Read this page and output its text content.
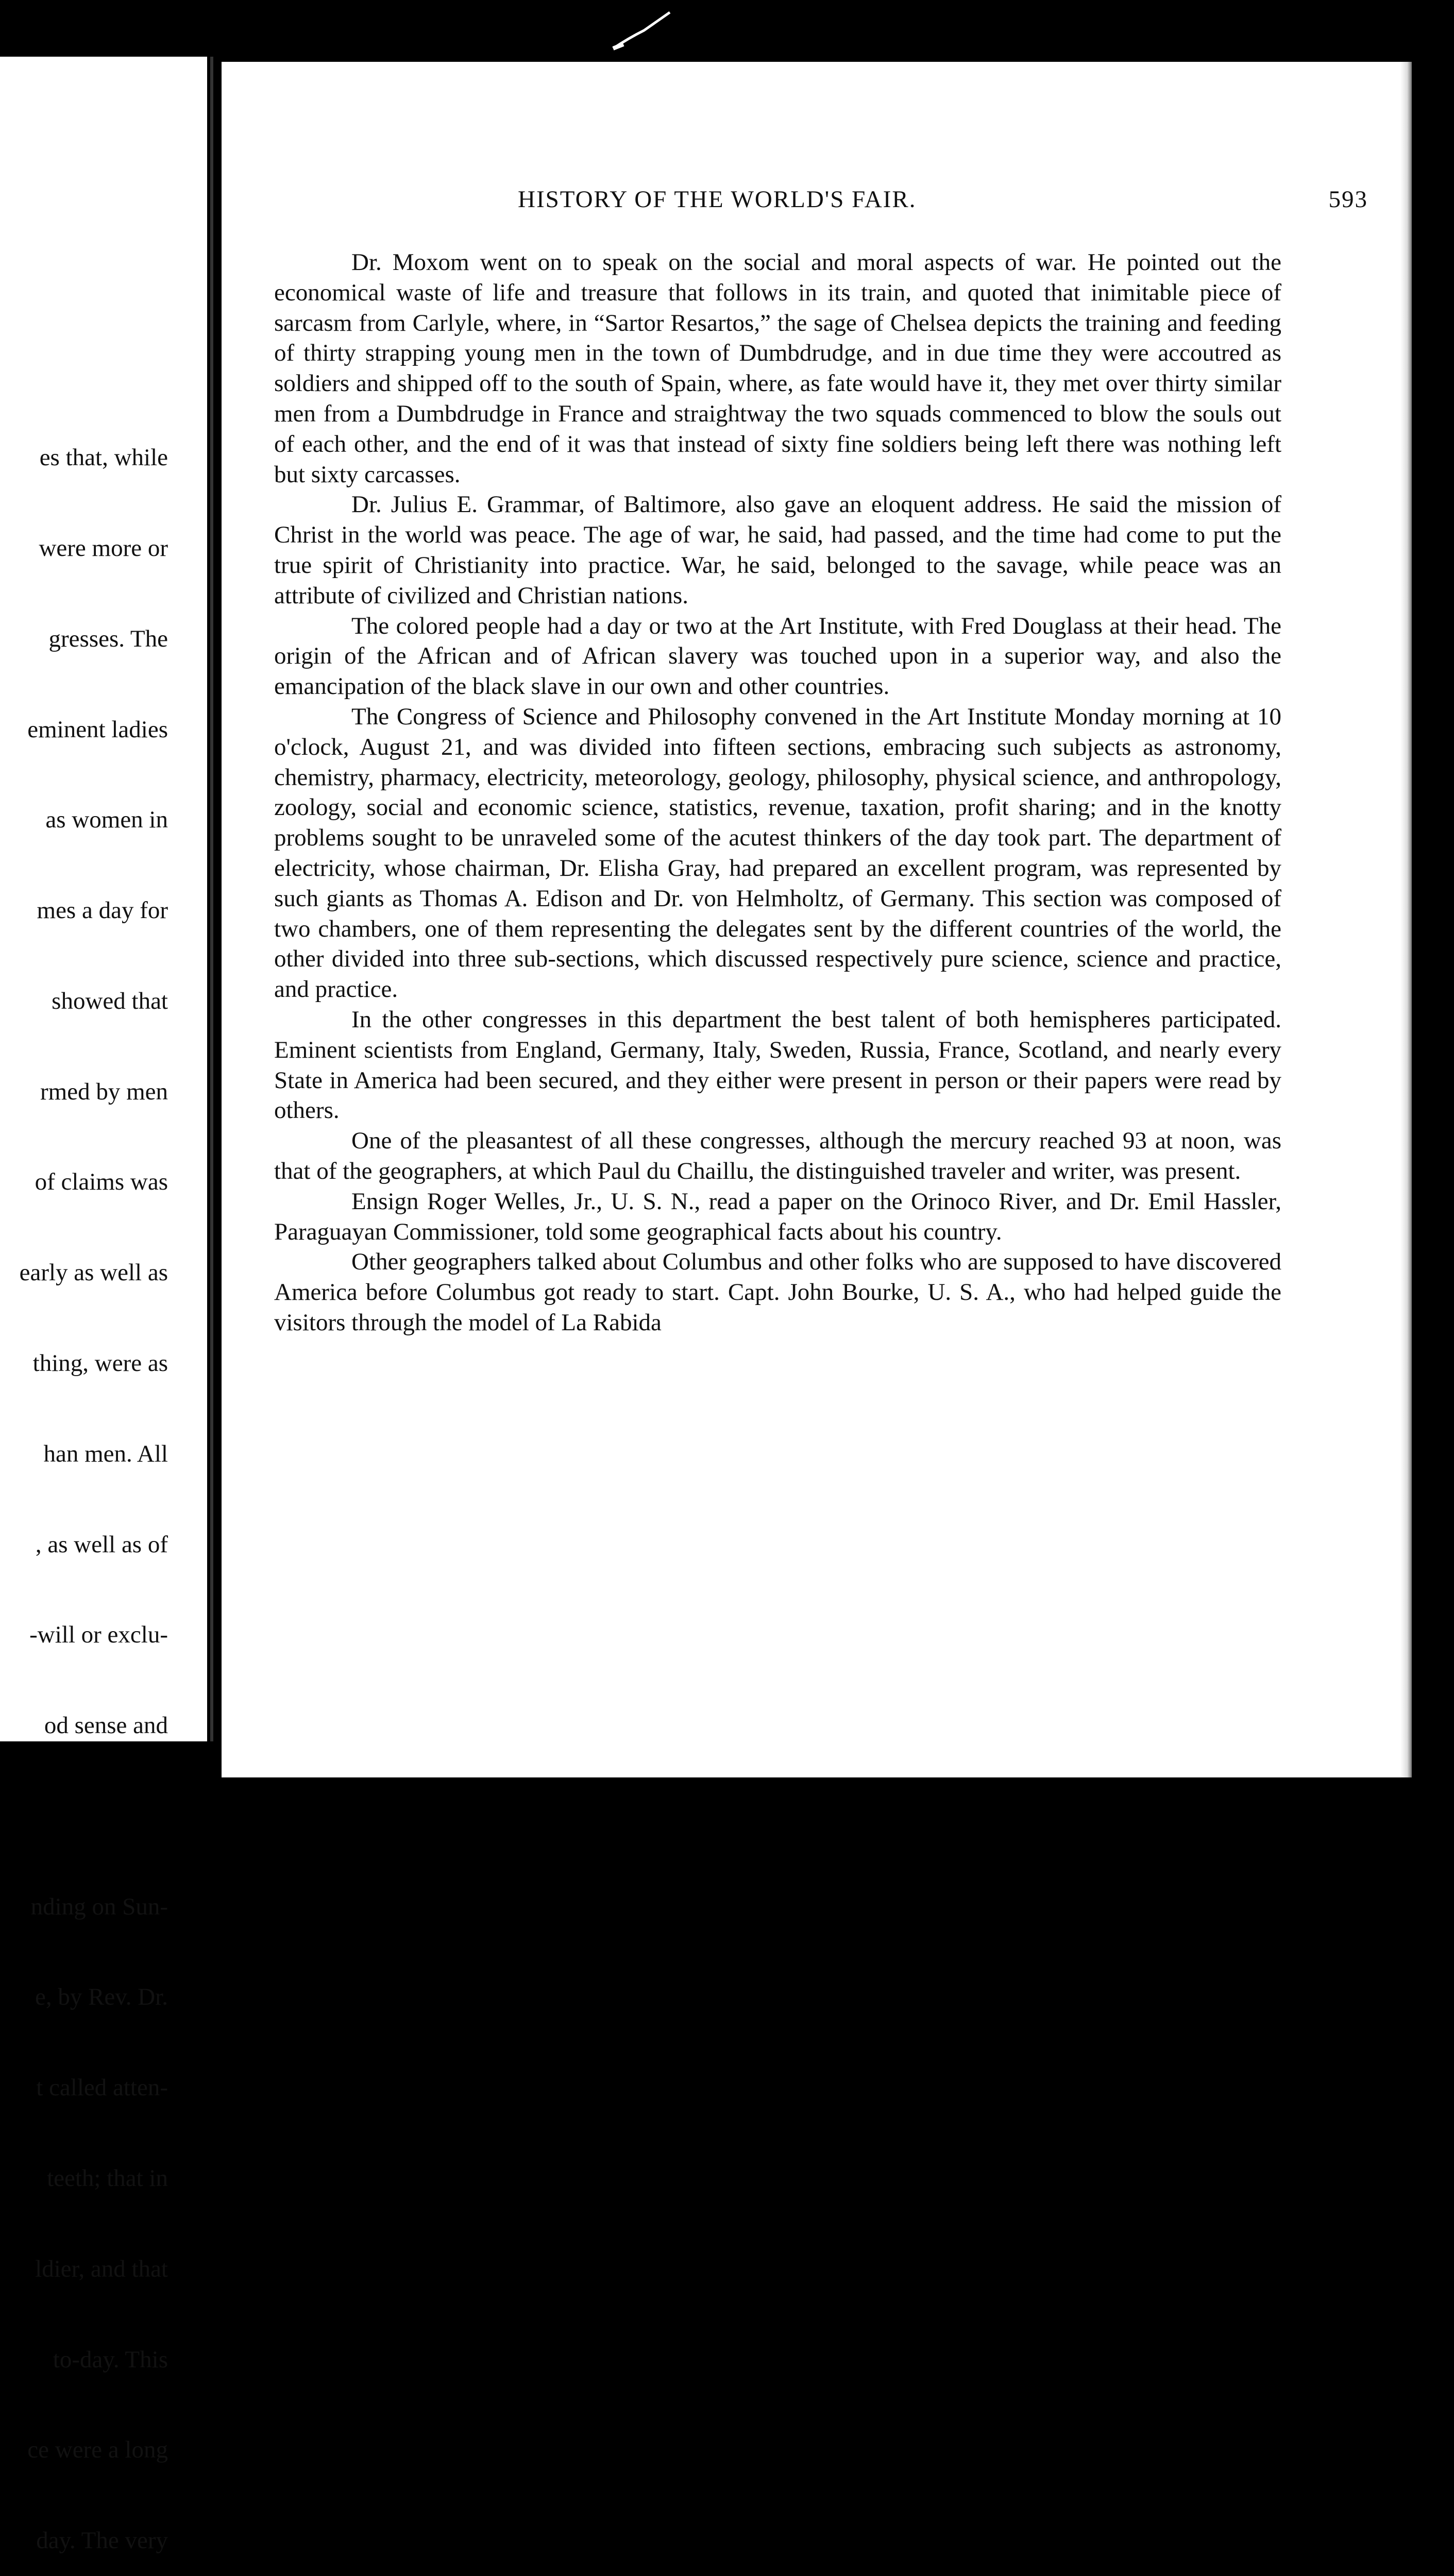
es that, while

were more or

gresses. The

eminent ladies

as women in

mes a day for

showed that

rmed by men

of claims was

early as well as

thing, were as

han men. All

, as well as of

-will or exclu-

od sense and

nding on Sun-

e, by Rev. Dr.

t called atten-

teeth; that in

ldier, and that

to-day. This

ce were a long

day. The very

HISTORY OF THE WORLD'S FAIR.	593

Dr. Moxom went on to speak on the social and moral aspects of war. He pointed out the economical waste of life and treasure that follows in its train, and quoted that inimitable piece of sarcasm from Carlyle, where, in “Sartor Resartos,” the sage of Chelsea depicts the training and feeding of thirty strapping young men in the town of Dumbdrudge, and in due time they were accoutred as soldiers and shipped off to the south of Spain, where, as fate would have it, they met over thirty similar men from a Dumbdrudge in France and straightway the two squads commenced to blow the souls out of each other, and the end of it was that instead of sixty fine soldiers being left there was nothing left but sixty carcasses.

Dr. Julius E. Grammar, of Baltimore, also gave an eloquent address. He said the mission of Christ in the world was peace. The age of war, he said, had passed, and the time had come to put the true spirit of Christianity into practice. War, he said, belonged to the savage, while peace was an attribute of civilized and Christian nations.

The colored people had a day or two at the Art Institute, with Fred Douglass at their head. The origin of the African and of African slavery was touched upon in a superior way, and also the emancipation of the black slave in our own and other countries.

The Congress of Science and Philosophy convened in the Art Institute Monday morning at 10 o'clock, August 21, and was divided into fifteen sections, embracing such subjects as astronomy, chemistry, pharmacy, electricity, meteorology, geology, philosophy, physical science, and anthropology, zoology, social and economic science, statistics, revenue, taxation, profit sharing; and in the knotty problems sought to be unraveled some of the acutest thinkers of the day took part. The department of electricity, whose chairman, Dr. Elisha Gray, had prepared an excellent program, was represented by such giants as Thomas A. Edison and Dr. von Helmholtz, of Germany. This section was composed of two chambers, one of them representing the delegates sent by the different countries of the world, the other divided into three sub-sections, which discussed respectively pure science, science and practice, and practice.

In the other congresses in this department the best talent of both hemispheres participated. Eminent scientists from England, Germany, Italy, Sweden, Russia, France, Scotland, and nearly every State in America had been secured, and they either were present in person or their papers were read by others.

One of the pleasantest of all these congresses, although the mercury reached 93 at noon, was that of the geographers, at which Paul du Chaillu, the distinguished traveler and writer, was present.

Ensign Roger Welles, Jr., U. S. N., read a paper on the Orinoco River, and Dr. Emil Hassler, Paraguayan Commissioner, told some geographical facts about his country.

Other geographers talked about Columbus and other folks who are supposed to have discovered America before Columbus got ready to start. Capt. John Bourke, U. S. A., who had helped guide the visitors through the model of La Rabida
